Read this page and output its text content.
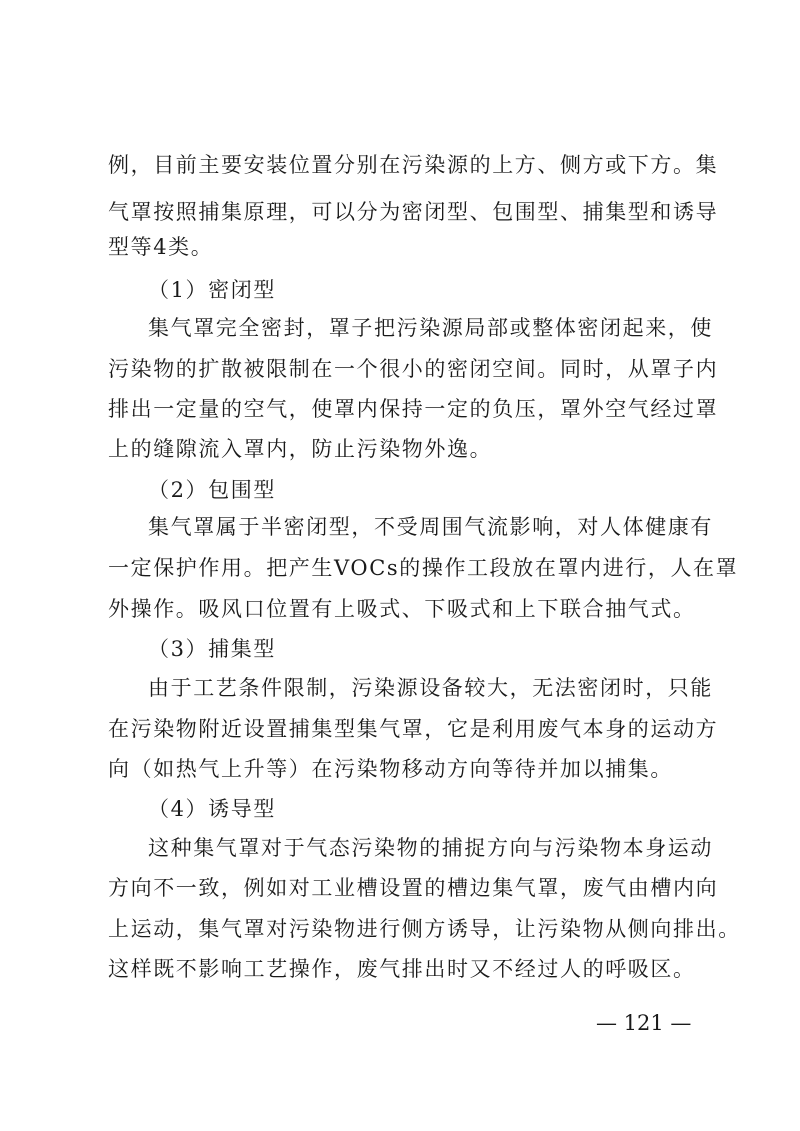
例，目前主要安装位置分别在污染源的上方、侧方或下方。集
气罩按照捕集原理，可以分为密闭型、包围型、捕集型和诱导
型等4类。
（1）密闭型
集气罩完全密封，罩子把污染源局部或整体密闭起来，使
污染物的扩散被限制在一个很小的密闭空间。同时，从罩子内
排出一定量的空气，使罩内保持一定的负压，罩外空气经过罩
上的缝隙流入罩内，防止污染物外逸。
（2）包围型
集气罩属于半密闭型，不受周围气流影响，对人体健康有
一定保护作用。把产生VOCs的操作工段放在罩内进行，人在罩
外操作。吸风口位置有上吸式、下吸式和上下联合抽气式。
（3）捕集型
由于工艺条件限制，污染源设备较大，无法密闭时，只能
在污染物附近设置捕集型集气罩，它是利用废气本身的运动方
向（如热气上升等）在污染物移动方向等待并加以捕集。
（4）诱导型
这种集气罩对于气态污染物的捕捉方向与污染物本身运动
方向不一致，例如对工业槽设置的槽边集气罩，废气由槽内向
上运动，集气罩对污染物进行侧方诱导，让污染物从侧向排出。
这样既不影响工艺操作，废气排出时又不经过人的呼吸区。
— 121 —
